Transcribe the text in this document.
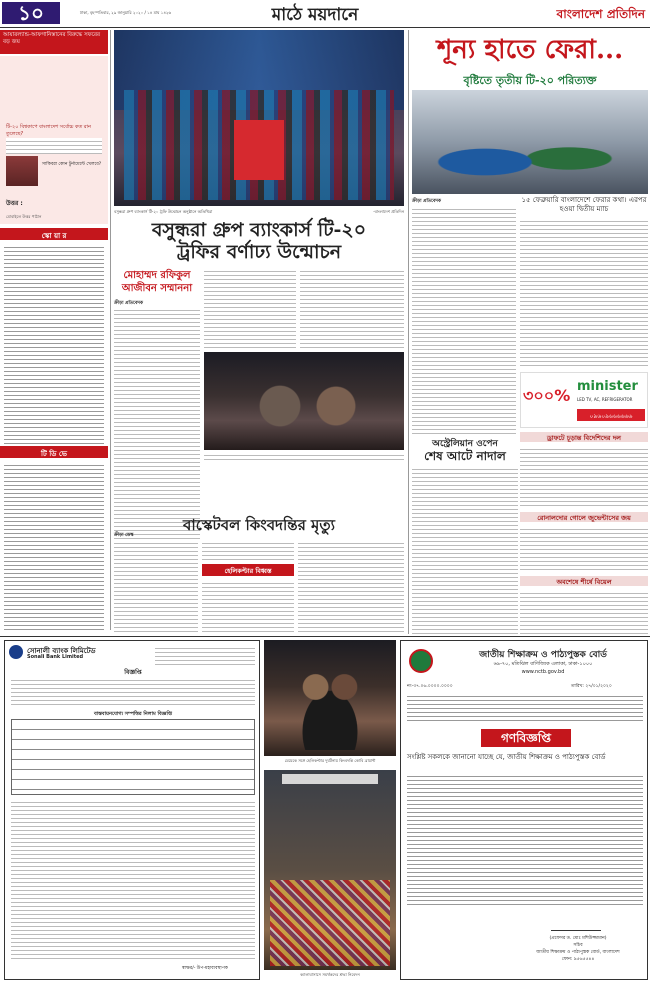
১০	ঢাকা, বৃহস্পতিবার, ২৯ জানুয়ারি ২০২০ / ১৪ মাঘ ১৪২৬	মাঠে ময়দানে	বাংলাদেশ প্রতিদিন
আয়ারল্যান্ড-আফগানিস্তানের বিরুদ্ধে সফরের বড় জয়
টি-২০ বিশ্বকাপে বাংলাদেশ সর্বোচ্চ কত রান তুলেছে?
সাকিবরা কোন টুর্নামেন্টে খেলবে?
উত্তর :
মোবাইলে উত্তর পাঠান
স্কো য়া র
টি ডি ভে
বসুন্ধরা গ্রুপ ব্যাংকার্স টি-২০ ট্রফি উন্মোচন অনুষ্ঠানে অতিথিরা	-বাংলাদেশ প্রতিদিন
বসুন্ধরা গ্রুপ ব্যাংকার্স টি-২০
ট্রফির বর্ণাঢ্য উন্মোচন
মোহাম্মদ রফিকুল
আজীবন সম্মাননা
ক্রীড়া প্রতিবেদক
বাস্কেটবল কিংবদন্তির মৃত্যু
ক্রীড়া ডেস্ক
হেলিকপ্টার বিধ্বস্ত
শূন্য হাতে ফেরা...
বৃষ্টিতে তৃতীয় টি-২০ পরিত্যক্ত
১৫ ফেব্রুয়ারি বাংলাদেশে ফেরার কথা। এরপর হওয়া দ্বিতীয় ম্যাচ
ক্রীড়া প্রতিবেদক
৩০০% minister
LED TV, AC, REFRIGERATOR
০৯৬০৯৬৬৬৬৬৬
অস্ট্রেলিয়ান ওপেন
শেষ আটে নাদাল
ড্রাফটে চূড়ান্ত বিদেশিদের দল
রোনালদোর গোলে জুভেন্টাসের জয়
অবশেষে শীর্ষে বিয়েল
সোনালী ব্যাংক লিমিটেড
Sonali Bank Limited
বিজ্ঞপ্তি
বাস্তবায়নযোগ্য সম্পত্তির নিলাম বিজ্ঞপ্তি
স্বাক্ষর/- উপ-মহাব্যবস্থাপক
মেয়েকে সঙ্গে হেলিকপ্টার দুর্ঘটনায় কিংবদন্তি কোবি ব্রায়ান্ট
ক্যালাবাসাসে সমর্থকদের শ্রদ্ধা নিবেদন
জাতীয় শিক্ষাক্রম ও পাঠ্যপুস্তক বোর্ড
৬৯-৭০, মতিঝিল বাণিজ্যিক এলাকা, ঢাকা-১০০০
www.nctb.gov.bd
নং-৩৭.০৬.০০০০.০০০০	তারিখ: ২৭/০১/২০২০
গণবিজ্ঞপ্তি
সংশ্লিষ্ট সকলকে জানানো যাচ্ছে যে, জাতীয় শিক্ষাক্রম ও পাঠ্যপুস্তক বোর্ড
(প্রফেসর ড. মোঃ মশিউজ্জামান)
সচিব
জাতীয় শিক্ষাক্রম ও পাঠ্যপুস্তক বোর্ড, বাংলাদেশ
ফোন: ৯৫৬৫৫৪৪
